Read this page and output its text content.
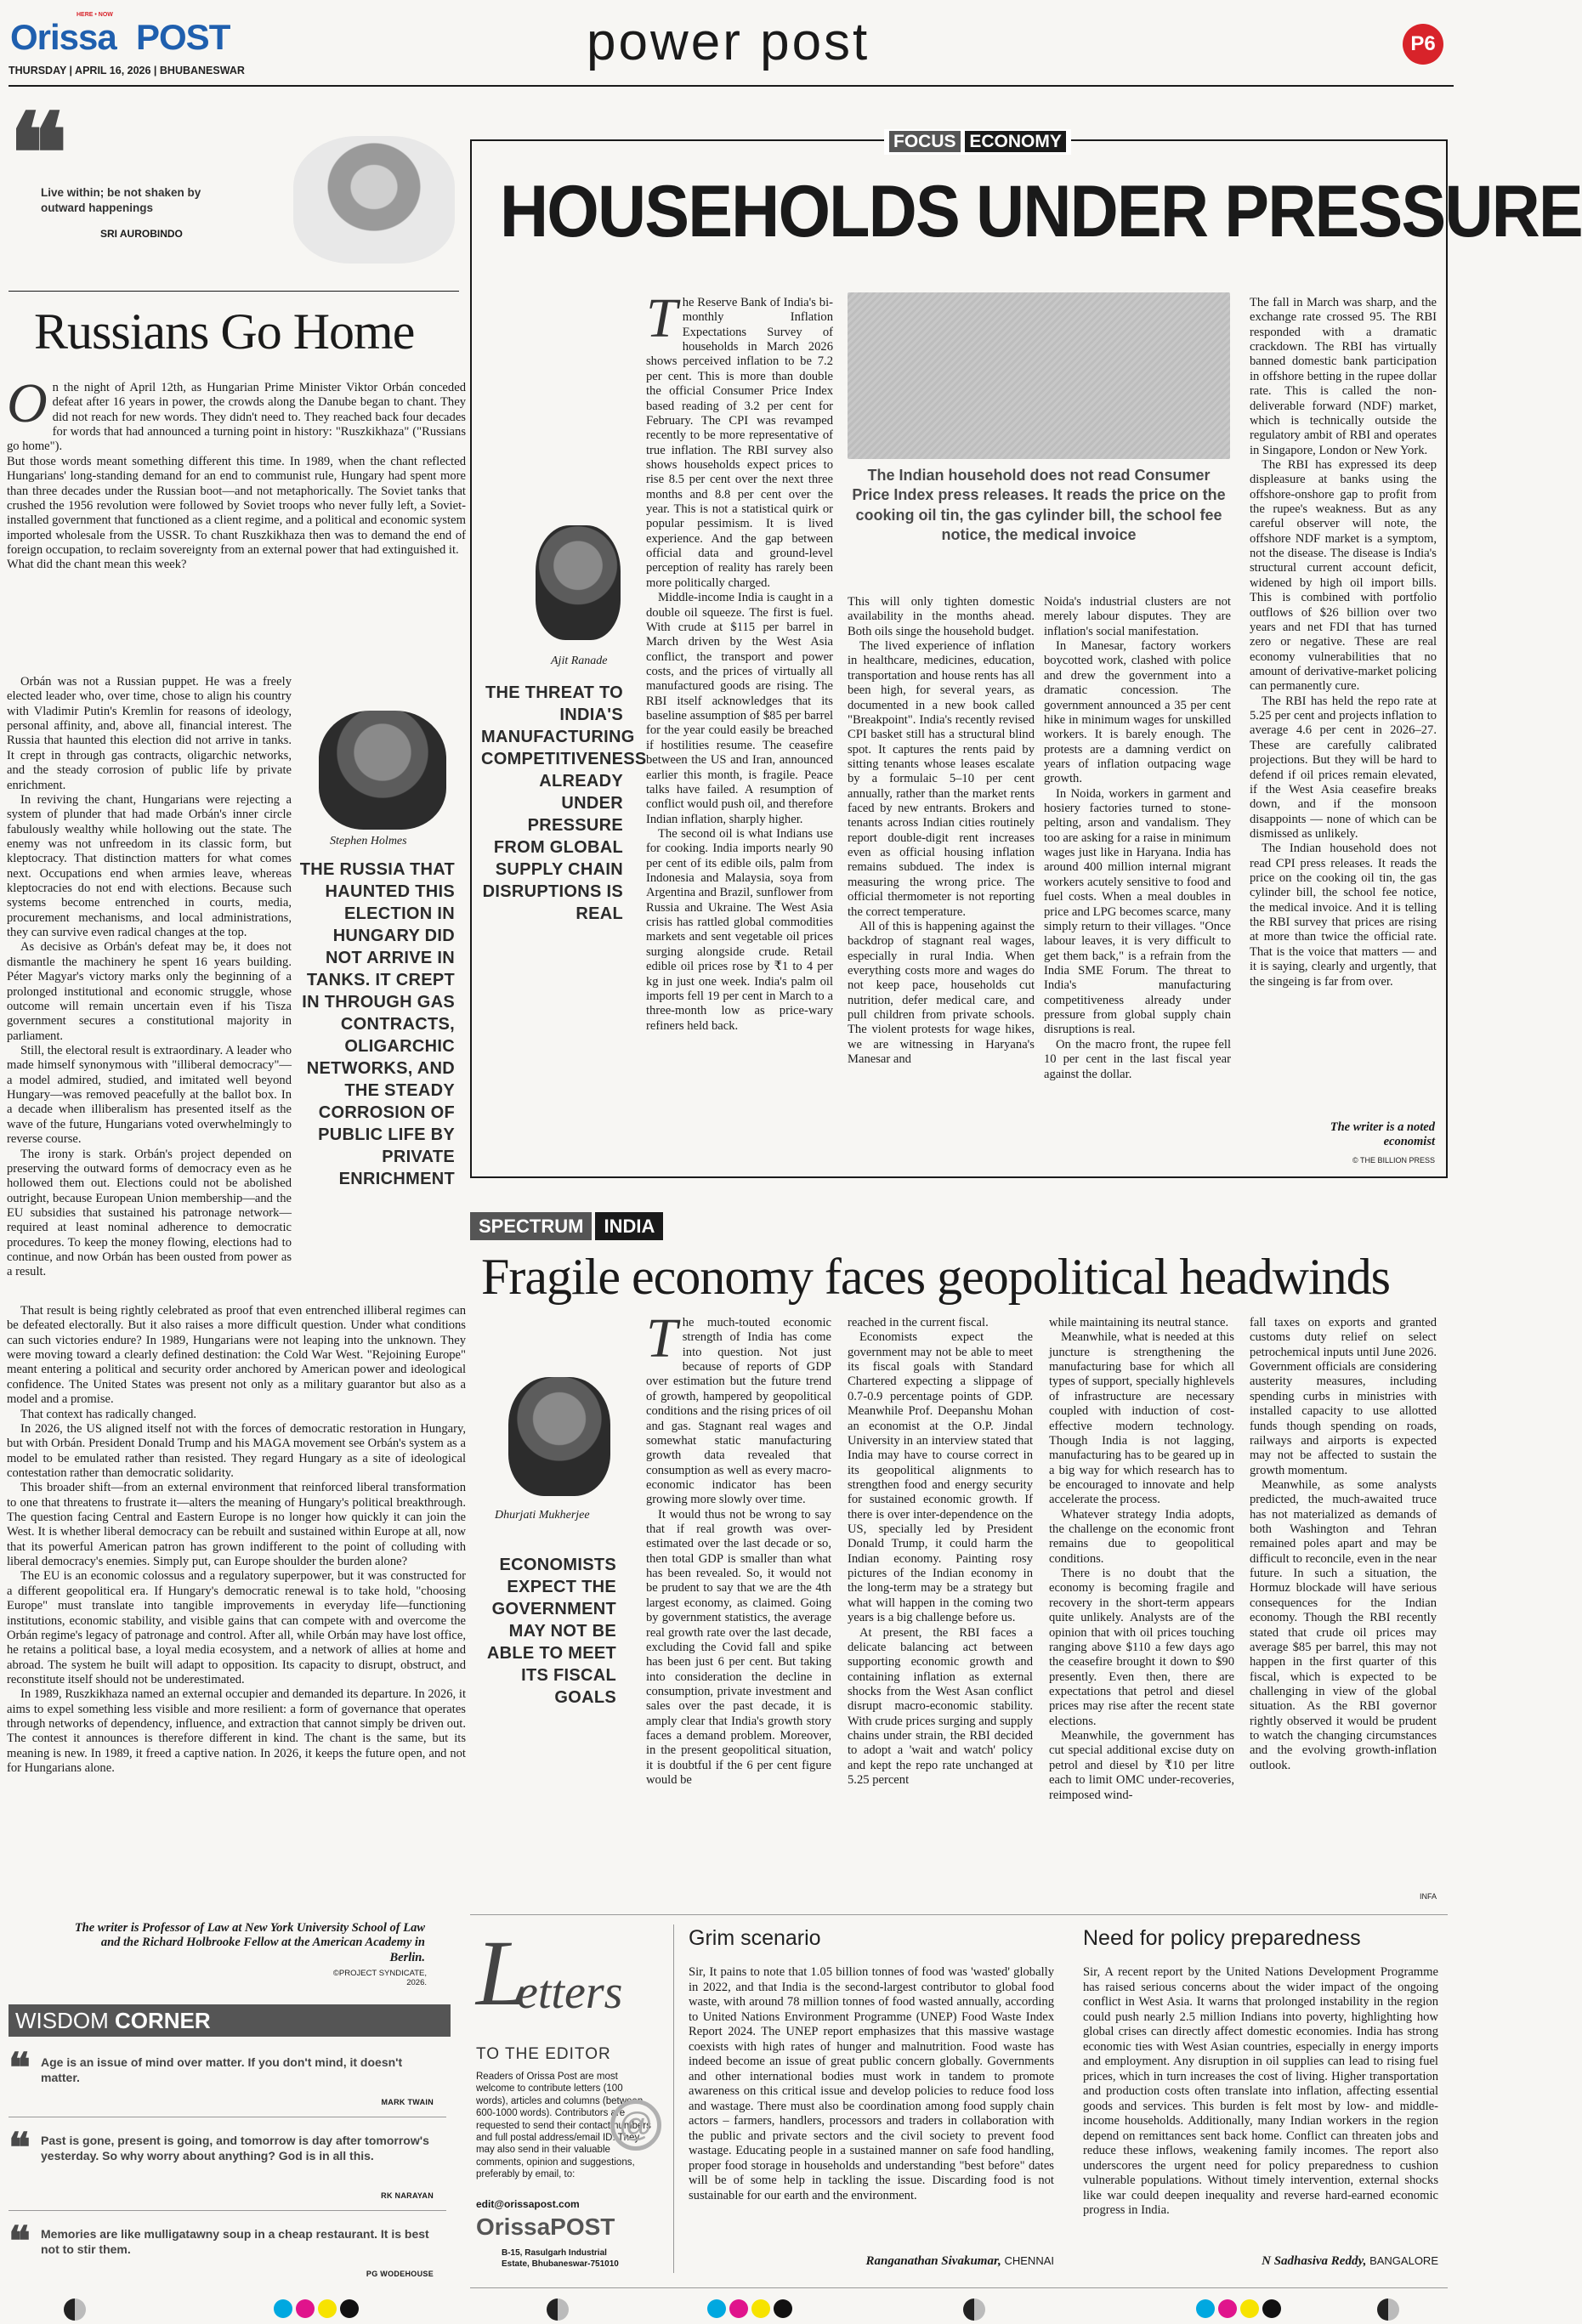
HERE • NOW
Orissa POST
THURSDAY | APRIL 16, 2026 | BHUBANESWAR	power post	P6
❝
Live within; be not shaken by outward happenings
SRI AUROBINDO
Russians Go Home

On the night of April 12th, as Hungarian Prime Minister Viktor Orbán conceded defeat after 16 years in power, the crowds along the Danube began to chant. They did not reach for new words. They didn't need to. They reached back four decades for words that had announced a turning point in history: "Ruszkikhaza" ("Russians go home").

But those words meant something different this time. In 1989, when the chant reflected Hungarians' long-standing demand for an end to communist rule, Hungary had spent more than three decades under the Russian boot—and not metaphorically. The Soviet tanks that crushed the 1956 revolution were followed by Soviet troops who never fully left, a Soviet-installed government that functioned as a client regime, and a political and economic system imported wholesale from the USSR. To chant Ruszkikhaza then was to demand the end of foreign occupation, to reclaim sovereignty from an external power that had extinguished it.

What did the chant mean this week?

Orbán was not a Russian puppet. He was a freely elected leader who, over time, chose to align his country with Vladimir Putin's Kremlin for reasons of ideology, personal affinity, and, above all, financial interest. The Russia that haunted this election did not arrive in tanks. It crept in through gas contracts, oligarchic networks, and the steady corrosion of public life by private enrichment.

In reviving the chant, Hungarians were rejecting a system of plunder that had made Orbán's inner circle fabulously wealthy while hollowing out the state. The enemy was not unfreedom in its classic form, but kleptocracy. That distinction matters for what comes next. Occupations end when armies leave, whereas kleptocracies do not end with elections. Because such systems become entrenched in courts, media, procurement mechanisms, and local administrations, they can survive even radical changes at the top.

As decisive as Orbán's defeat may be, it does not dismantle the machinery he spent 16 years building. Péter Magyar's victory marks only the beginning of a prolonged institutional and economic struggle, whose outcome will remain uncertain even if his Tisza government secures a constitutional majority in parliament.

Still, the electoral result is extraordinary. A leader who made himself synonymous with "illiberal democracy"—a model admired, studied, and imitated well beyond Hungary—was removed peacefully at the ballot box. In a decade when illiberalism has presented itself as the wave of the future, Hungarians voted overwhelmingly to reverse course.

The irony is stark. Orbán's project depended on preserving the outward forms of democracy even as he hollowed them out. Elections could not be abolished outright, because European Union membership—and the EU subsidies that sustained his patronage network—required at least nominal adherence to democratic procedures. To keep the money flowing, elections had to continue, and now Orbán has been ousted from power as a result.

Stephen Holmes
THE RUSSIA THAT HAUNTED THIS ELECTION IN HUNGARY DID NOT ARRIVE IN TANKS. IT CREPT IN THROUGH GAS CONTRACTS, OLIGARCHIC NETWORKS, AND THE STEADY CORROSION OF PUBLIC LIFE BY PRIVATE ENRICHMENT

That result is being rightly celebrated as proof that even entrenched illiberal regimes can be defeated electorally. But it also raises a more difficult question. Under what conditions can such victories endure? In 1989, Hungarians were not leaping into the unknown. They were moving toward a clearly defined destination: the Cold War West. "Rejoining Europe" meant entering a political and security order anchored by American power and ideological confidence. The United States was present not only as a military guarantor but also as a model and a promise.

That context has radically changed.

In 2026, the US aligned itself not with the forces of democratic restoration in Hungary, but with Orbán. President Donald Trump and his MAGA movement see Orbán's system as a model to be emulated rather than resisted. They regard Hungary as a site of ideological contestation rather than democratic solidarity.

This broader shift—from an external environment that reinforced liberal transformation to one that threatens to frustrate it—alters the meaning of Hungary's political breakthrough. The question facing Central and Eastern Europe is no longer how quickly it can join the West. It is whether liberal democracy can be rebuilt and sustained within Europe at all, now that its powerful American patron has grown indifferent to the point of colluding with liberal democracy's enemies. Simply put, can Europe shoulder the burden alone?

The EU is an economic colossus and a regulatory superpower, but it was constructed for a different geopolitical era. If Hungary's democratic renewal is to take hold, "choosing Europe" must translate into tangible improvements in everyday life—functioning institutions, economic stability, and visible gains that can compete with and overcome the Orbán regime's legacy of patronage and control. After all, while Orbán may have lost office, he retains a political base, a loyal media ecosystem, and a network of allies at home and abroad. The system he built will adapt to opposition. Its capacity to disrupt, obstruct, and reconstitute itself should not be underestimated.

In 1989, Ruszkikhaza named an external occupier and demanded its departure. In 2026, it aims to expel something less visible and more resilient: a form of governance that operates through networks of dependency, influence, and extraction that cannot simply be driven out. The contest it announces is therefore different in kind. The chant is the same, but its meaning is new. In 1989, it freed a captive nation. In 2026, it keeps the future open, and not for Hungarians alone.

The writer is Professor of Law at New York University School of Law and the Richard Holbrooke Fellow at the American Academy in Berlin.
©PROJECT SYNDICATE, 2026.
WISDOM CORNER
❝ Age is an issue of mind over matter. If you don't mind, it doesn't matter.
MARK TWAIN
❝ Past is gone, present is going, and tomorrow is day after tomorrow's yesterday. So why worry about anything? God is in all this.
RK NARAYAN
❝ Memories are like mulligatawny soup in a cheap restaurant. It is best not to stir them.
PG WODEHOUSE
FOCUS ECONOMY
HOUSEHOLDS UNDER PRESSURE
Ajit Ranade
THE THREAT TO INDIA'S MANUFACTURING COMPETITIVENESS ALREADY UNDER PRESSURE FROM GLOBAL SUPPLY CHAIN DISRUPTIONS IS REAL

The Reserve Bank of India's bi-monthly Inflation Expectations Survey of households in March 2026 shows perceived inflation to be 7.2 per cent. This is more than double the official Consumer Price Index based reading of 3.2 per cent for February. The CPI was revamped recently to be more representative of true inflation. The RBI survey also shows households expect prices to rise 8.5 per cent over the next three months and 8.8 per cent over the year. This is not a statistical quirk or popular pessimism. It is lived experience. And the gap between official data and ground-level perception of reality has rarely been more politically charged.

Middle-income India is caught in a double oil squeeze. The first is fuel. With crude at $115 per barrel in March driven by the West Asia conflict, the transport and power costs, and the prices of virtually all manufactured goods are rising. The RBI itself acknowledges that its baseline assumption of $85 per barrel for the year could easily be breached if hostilities resume. The ceasefire between the US and Iran, announced earlier this month, is fragile. Peace talks have failed. A resumption of conflict would push oil, and therefore Indian inflation, sharply higher.

The second oil is what Indians use for cooking. India imports nearly 90 per cent of its edible oils, palm from Indonesia and Malaysia, soya from Argentina and Brazil, sunflower from Russia and Ukraine. The West Asia crisis has rattled global commodities markets and sent vegetable oil prices surging alongside crude. Retail edible oil prices rose by ₹1 to 4 per kg in just one week. India's palm oil imports fell 19 per cent in March to a three-month low as price-wary refiners held back.

The Indian household does not read Consumer Price Index press releases. It reads the price on the cooking oil tin, the gas cylinder bill, the school fee notice, the medical invoice

This will only tighten domestic availability in the months ahead. Both oils singe the household budget.

The lived experience of inflation in healthcare, medicines, education, transportation and house rents has all been high, for several years, as documented in a new book called "Breakpoint". India's recently revised CPI basket still has a structural blind spot. It captures the rents paid by sitting tenants whose leases escalate by a formulaic 5–10 per cent annually, rather than the market rents faced by new entrants. Brokers and tenants across Indian cities routinely report double-digit rent increases even as official housing inflation remains subdued. The index is measuring the wrong price. The official thermometer is not reporting the correct temperature.

All of this is happening against the backdrop of stagnant real wages, especially in rural India. When everything costs more and wages do not keep pace, households cut nutrition, defer medical care, and pull children from private schools. The violent protests for wage hikes, we are witnessing in Haryana's Manesar and

Noida's industrial clusters are not merely labour disputes. They are inflation's social manifestation.

In Manesar, factory workers boycotted work, clashed with police and drew the government into a dramatic concession. The government announced a 35 per cent hike in minimum wages for unskilled workers. It is barely enough. The protests are a damning verdict on years of inflation outpacing wage growth.

In Noida, workers in garment and hosiery factories turned to stone-pelting, arson and vandalism. They too are asking for a raise in minimum wages just like in Haryana. India has around 400 million internal migrant workers acutely sensitive to food and fuel costs. When a meal doubles in price and LPG becomes scarce, many simply return to their villages. "Once labour leaves, it is very difficult to get them back," is a refrain from the India SME Forum. The threat to India's manufacturing competitiveness already under pressure from global supply chain disruptions is real.

On the macro front, the rupee fell 10 per cent in the last fiscal year against the dollar.

The fall in March was sharp, and the exchange rate crossed 95. The RBI responded with a dramatic crackdown. The RBI has virtually banned domestic bank participation in offshore betting in the rupee dollar rate. This is called the non-deliverable forward (NDF) market, which is technically outside the regulatory ambit of RBI and operates in Singapore, London or New York.

The RBI has expressed its deep displeasure at banks using the offshore-onshore gap to profit from the rupee's weakness. But as any careful observer will note, the offshore NDF market is a symptom, not the disease. The disease is India's structural current account deficit, widened by high oil import bills. This is combined with portfolio outflows of $26 billion over two years and net FDI that has turned zero or negative. These are real economy vulnerabilities that no amount of derivative-market policing can permanently cure.

The RBI has held the repo rate at 5.25 per cent and projects inflation to average 4.6 per cent in 2026–27. These are carefully calibrated projections. But they will be hard to defend if oil prices remain elevated, if the West Asia ceasefire breaks down, and if the monsoon disappoints — none of which can be dismissed as unlikely.

The Indian household does not read CPI press releases. It reads the price on the cooking oil tin, the gas cylinder bill, the school fee notice, the medical invoice. And it is telling the RBI survey that prices are rising at more than twice the official rate. That is the voice that matters — and it is saying, clearly and urgently, that the singeing is far from over.

The writer is a noted economist
© THE BILLION PRESS
SPECTRUM INDIA
Fragile economy faces geopolitical headwinds
Dhurjati Mukherjee
ECONOMISTS EXPECT THE GOVERNMENT MAY NOT BE ABLE TO MEET ITS FISCAL GOALS

The much-touted economic strength of India has come into question. Not just because of reports of GDP over estimation but the future trend of growth, hampered by geopolitical conditions and the rising prices of oil and gas. Stagnant real wages and somewhat static manufacturing growth data revealed that consumption as well as every macro-economic indicator has been growing more slowly over time.

It would thus not be wrong to say that if real growth was over-estimated over the last decade or so, then total GDP is smaller than what has been revealed. So, it would not be prudent to say that we are the 4th largest economy, as claimed. Going by government statistics, the average real growth rate over the last decade, excluding the Covid fall and spike has been just 6 per cent. But taking into consideration the decline in consumption, private investment and sales over the past decade, it is amply clear that India's growth story faces a demand problem. Moreover, in the present geopolitical situation, it is doubtful if the 6 per cent figure would be

reached in the current fiscal.

Economists expect the government may not be able to meet its fiscal goals with Standard Chartered expecting a slippage of 0.7-0.9 percentage points of GDP. Meanwhile Prof. Deepanshu Mohan an economist at the O.P. Jindal University in an interview stated that India may have to course correct in its geopolitical alignments to strengthen food and energy security for sustained economic growth. If there is over inter-dependence on the US, specially led by President Donald Trump, it could harm the Indian economy. Painting rosy pictures of the Indian economy in the long-term may be a strategy but what will happen in the coming two years is a big challenge before us.

At present, the RBI faces a delicate balancing act between supporting economic growth and containing inflation as external shocks from the West Asan conflict disrupt macro-economic stability. With crude prices surging and supply chains under strain, the RBI decided to adopt a 'wait and watch' policy and kept the repo rate unchanged at 5.25 percent

while maintaining its neutral stance.

Meanwhile, what is needed at this juncture is strengthening the manufacturing base for which all types of support, specially highlevels of infrastructure are necessary coupled with induction of cost-effective modern technology. Though India is not lagging, manufacturing has to be geared up in a big way for which research has to be encouraged to innovate and help accelerate the process.

Whatever strategy India adopts, the challenge on the economic front remains due to geopolitical conditions.

There is no doubt that the economy is becoming fragile and recovery in the short-term appears quite unlikely. Analysts are of the opinion that with oil prices touching ranging above $110 a few days ago the ceasefire brought it down to $90 presently. Even then, there are expectations that petrol and diesel prices may rise after the recent state elections.

Meanwhile, the government has cut special additional excise duty on petrol and diesel by ₹10 per litre each to limit OMC under-recoveries, reimposed wind-

fall taxes on exports and granted customs duty relief on select petrochemical inputs until June 2026. Government officials are considering austerity measures, including spending curbs in ministries with installed capacity to use allotted funds though spending on roads, railways and airports is expected may not be affected to sustain the growth momentum.

Meanwhile, as some analysts predicted, the much-awaited truce has not materialized as demands of both Washington and Tehran remained poles apart and may be difficult to reconcile, even in the near future. In such a situation, the Hormuz blockade will have serious consequences for the Indian economy. Though the RBI recently stated that crude oil prices may average $85 per barrel, this may not happen in the first quarter of this fiscal, which is expected to be challenging in view of the global situation. As the RBI governor rightly observed it would be prudent to watch the changing circumstances and the evolving growth-inflation outlook.

INFA
L
etters
TO THE EDITOR
Readers of Orissa Post are most welcome to contribute letters (100 words), articles and columns (between 600-1000 words). Contributors are requested to send their contact numbers and full postal address/email ID. They may also send in their valuable comments, opinion and suggestions, preferably by email, to:
edit@orissapost.com
@
OrissaPOST
B-15, Rasulgarh Industrial Estate, Bhubaneswar-751010
Grim scenario
Sir, It pains to note that 1.05 billion tonnes of food was 'wasted' globally in 2022, and that India is the second-largest contributor to global food waste, with around 78 million tonnes of food wasted annually, according to United Nations Environment Programme (UNEP) Food Waste Index Report 2024. The UNEP report emphasizes that this massive wastage coexists with high rates of hunger and malnutrition. Food waste has indeed become an issue of great public concern globally. Governments and other international bodies must work in tandem to promote awareness on this critical issue and develop policies to reduce food loss and wastage. There must also be coordination among food supply chain actors – farmers, handlers, processors and traders in collaboration with the public and private sectors and the civil society to prevent food wastage. Educating people in a sustained manner on safe food handling, proper food storage in households and understanding "best before" dates will be of some help in tackling the issue. Discarding food is not sustainable for our earth and the environment.
Ranganathan Sivakumar, CHENNAI
Need for policy preparedness
Sir, A recent report by the United Nations Development Programme has raised serious concerns about the wider impact of the ongoing conflict in West Asia. It warns that prolonged instability in the region could push nearly 2.5 million Indians into poverty, highlighting how global crises can directly affect domestic economies. India has strong economic ties with West Asian countries, especially in energy imports and employment. Any disruption in oil supplies can lead to rising fuel prices, which in turn increases the cost of living. Higher transportation and production costs often translate into inflation, affecting essential goods and services. This burden is felt most by low- and middle-income households. Additionally, many Indian workers in the region depend on remittances sent back home. Conflict can threaten jobs and reduce these inflows, weakening family incomes. The report also underscores the urgent need for policy preparedness to cushion vulnerable populations. Without timely intervention, external shocks like war could deepen inequality and reverse hard-earned economic progress in India.
N Sadhasiva Reddy, BANGALORE
